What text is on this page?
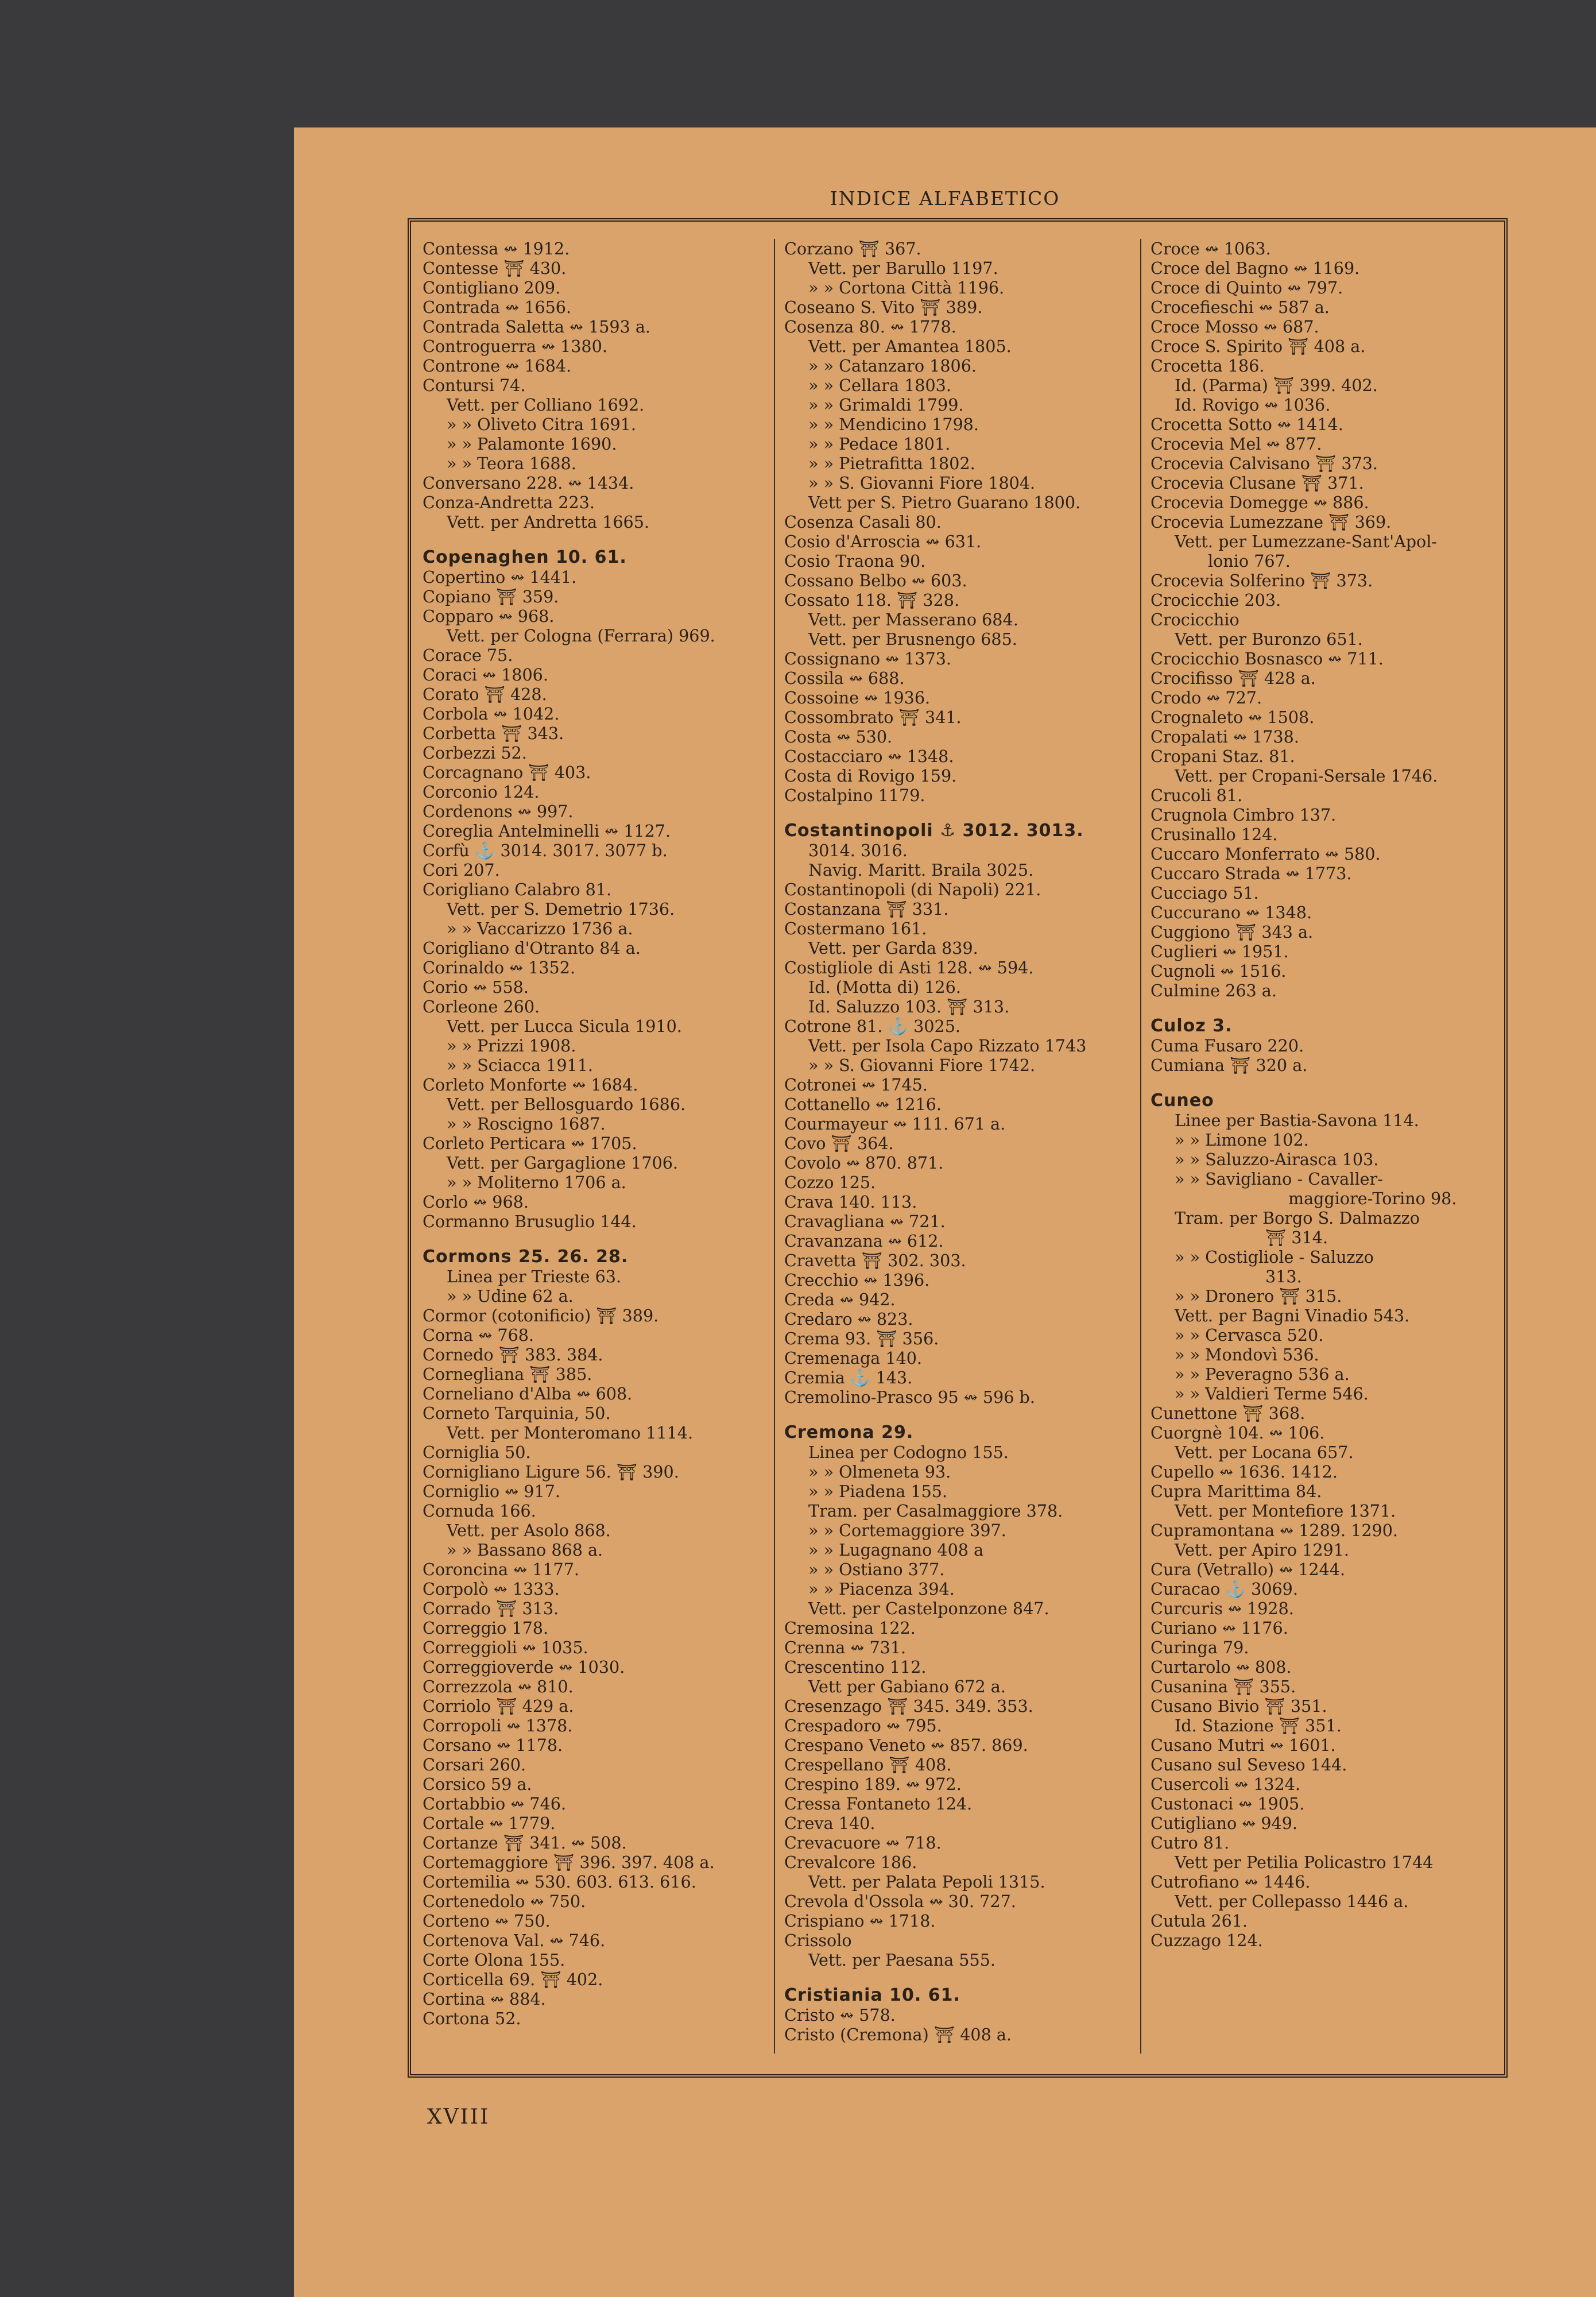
INDICE ALFABETICO
Contessa ↭ 1912.
Contesse ⛩ 430.
Contigliano 209.
Contrada ↭ 1656.
Contrada Saletta ↭ 1593 a.
Controguerra ↭ 1380.
Controne ↭ 1684.
Contursi 74.
Vett. per Colliano 1692.
» » Oliveto Citra 1691.
» » Palamonte 1690.
» » Teora 1688.
Conversano 228. ↭ 1434.
Conza-Andretta 223.
Vett. per Andretta 1665.
Copenaghen 10. 61.
Copertino ↭ 1441.
Copiano ⛩ 359.
Copparo ↭ 968.
Vett. per Cologna (Ferrara) 969.
Corace 75.
Coraci ↭ 1806.
Corato ⛩ 428.
Corbola ↭ 1042.
Corbetta ⛩ 343.
Corbezzi 52.
Corcagnano ⛩ 403.
Corconio 124.
Cordenons ↭ 997.
Coreglia Antelminelli ↭ 1127.
Corfù ⚓ 3014. 3017. 3077 b.
Cori 207.
Corigliano Calabro 81.
Vett. per S. Demetrio 1736.
» » Vaccarizzo 1736 a.
Corigliano d'Otranto 84 a.
Corinaldo ↭ 1352.
Corio ↭ 558.
Corleone 260.
Vett. per Lucca Sicula 1910.
» » Prizzi 1908.
» » Sciacca 1911.
Corleto Monforte ↭ 1684.
Vett. per Bellosguardo 1686.
» » Roscigno 1687.
Corleto Perticara ↭ 1705.
Vett. per Gargaglione 1706.
» » Moliterno 1706 a.
Corlo ↭ 968.
Cormanno Brusuglio 144.
Cormons 25. 26. 28.
Linea per Trieste 63.
» » Udine 62 a.
Cormor (cotonificio) ⛩ 389.
Corna ↭ 768.
Cornedo ⛩ 383. 384.
Cornegliana ⛩ 385.
Corneliano d'Alba ↭ 608.
Corneto Tarquinia, 50.
Vett. per Monteromano 1114.
Corniglia 50.
Cornigliano Ligure 56. ⛩ 390.
Corniglio ↭ 917.
Cornuda 166.
Vett. per Asolo 868.
» » Bassano 868 a.
Coroncina ↭ 1177.
Corpolò ↭ 1333.
Corrado ⛩ 313.
Correggio 178.
Correggioli ↭ 1035.
Correggioverde ↭ 1030.
Correzzola ↭ 810.
Corriolo ⛩ 429 a.
Corropoli ↭ 1378.
Corsano ↭ 1178.
Corsari 260.
Corsico 59 a.
Cortabbio ↭ 746.
Cortale ↭ 1779.
Cortanze ⛩ 341. ↭ 508.
Cortemaggiore ⛩ 396. 397. 408 a.
Cortemilia ↭ 530. 603. 613. 616.
Cortenedolo ↭ 750.
Corteno ↭ 750.
Cortenova Val. ↭ 746.
Corte Olona 155.
Corticella 69. ⛩ 402.
Cortina ↭ 884.
Cortona 52.
Corzano ⛩ 367.
Vett. per Barullo 1197.
» » Cortona Città 1196.
Coseano S. Vito ⛩ 389.
Cosenza 80. ↭ 1778.
Vett. per Amantea 1805.
» » Catanzaro 1806.
» » Cellara 1803.
» » Grimaldi 1799.
» » Mendicino 1798.
» » Pedace 1801.
» » Pietrafitta 1802.
» » S. Giovanni Fiore 1804.
Vett per S. Pietro Guarano 1800.
Cosenza Casali 80.
Cosio d'Arroscia ↭ 631.
Cosio Traona 90.
Cossano Belbo ↭ 603.
Cossato 118. ⛩ 328.
Vett. per Masserano 684.
Vett. per Brusnengo 685.
Cossignano ↭ 1373.
Cossila ↭ 688.
Cossoine ↭ 1936.
Cossombrato ⛩ 341.
Costa ↭ 530.
Costacciaro ↭ 1348.
Costa di Rovigo 159.
Costalpino 1179.
Costantinopoli ⚓ 3012. 3013.
3014. 3016.
Navig. Maritt. Braila 3025.
Costantinopoli (di Napoli) 221.
Costanzana ⛩ 331.
Costermano 161.
Vett. per Garda 839.
Costigliole di Asti 128. ↭ 594.
Id. (Motta di) 126.
Id. Saluzzo 103. ⛩ 313.
Cotrone 81. ⚓ 3025.
Vett. per Isola Capo Rizzato 1743
» » S. Giovanni Fiore 1742.
Cotronei ↭ 1745.
Cottanello ↭ 1216.
Courmayeur ↭ 111. 671 a.
Covo ⛩ 364.
Covolo ↭ 870. 871.
Cozzo 125.
Crava 140. 113.
Cravagliana ↭ 721.
Cravanzana ↭ 612.
Cravetta ⛩ 302. 303.
Crecchio ↭ 1396.
Creda ↭ 942.
Credaro ↭ 823.
Crema 93. ⛩ 356.
Cremenaga 140.
Cremia ⚓ 143.
Cremolino-Prasco 95 ↭ 596 b.
Cremona 29.
Linea per Codogno 155.
» » Olmeneta 93.
» » Piadena 155.
Tram. per Casalmaggiore 378.
» » Cortemaggiore 397.
» » Lugagnano 408 a
» » Ostiano 377.
» » Piacenza 394.
Vett. per Castelponzone 847.
Cremosina 122.
Crenna ↭ 731.
Crescentino 112.
Vett per Gabiano 672 a.
Cresenzago ⛩ 345. 349. 353.
Crespadoro ↭ 795.
Crespano Veneto ↭ 857. 869.
Crespellano ⛩ 408.
Crespino 189. ↭ 972.
Cressa Fontaneto 124.
Creva 140.
Crevacuore ↭ 718.
Crevalcore 186.
Vett. per Palata Pepoli 1315.
Crevola d'Ossola ↭ 30. 727.
Crispiano ↭ 1718.
Crissolo
Vett. per Paesana 555.
Cristiania 10. 61.
Cristo ↭ 578.
Cristo (Cremona) ⛩ 408 a.
Croce ↭ 1063.
Croce del Bagno ↭ 1169.
Croce di Quinto ↭ 797.
Croceﬁeschi ↭ 587 a.
Croce Mosso ↭ 687.
Croce S. Spirito ⛩ 408 a.
Crocetta 186.
Id. (Parma) ⛩ 399. 402.
Id. Rovigo ↭ 1036.
Crocetta Sotto ↭ 1414.
Crocevia Mel ↭ 877.
Crocevia Calvisano ⛩ 373.
Crocevia Clusane ⛩ 371.
Crocevia Domegge ↭ 886.
Crocevia Lumezzane ⛩ 369.
Vett. per Lumezzane-Sant'Apol-
lonio 767.
Crocevia Solferino ⛩ 373.
Crocicchie 203.
Crocicchio
Vett. per Buronzo 651.
Crocicchio Bosnasco ↭ 711.
Crociﬁsso ⛩ 428 a.
Crodo ↭ 727.
Crognaleto ↭ 1508.
Cropalati ↭ 1738.
Cropani Staz. 81.
Vett. per Cropani-Sersale 1746.
Crucoli 81.
Crugnola Cimbro 137.
Crusinallo 124.
Cuccaro Monferrato ↭ 580.
Cuccaro Strada ↭ 1773.
Cucciago 51.
Cuccurano ↭ 1348.
Cuggiono ⛩ 343 a.
Cuglieri ↭ 1951.
Cugnoli ↭ 1516.
Culmine 263 a.
Culoz 3.
Cuma Fusaro 220.
Cumiana ⛩ 320 a.
Cuneo
Linee per Bastia-Savona 114.
» » Limone 102.
» » Saluzzo-Airasca 103.
» » Savigliano - Cavaller-
maggiore-Torino 98.
Tram. per Borgo S. Dalmazzo
⛩ 314.
» » Costigliole - Saluzzo
313.
» » Dronero ⛩ 315.
Vett. per Bagni Vinadio 543.
» » Cervasca 520.
» » Mondovì 536.
» » Peveragno 536 a.
» » Valdieri Terme 546.
Cunettone ⛩ 368.
Cuorgnè 104. ↭ 106.
Vett. per Locana 657.
Cupello ↭ 1636. 1412.
Cupra Marittima 84.
Vett. per Monteﬁore 1371.
Cupramontana ↭ 1289. 1290.
Vett. per Apiro 1291.
Cura (Vetrallo) ↭ 1244.
Curacao ⚓ 3069.
Curcuris ↭ 1928.
Curiano ↭ 1176.
Curinga 79.
Curtarolo ↭ 808.
Cusanina ⛩ 355.
Cusano Bivio ⛩ 351.
Id. Stazione ⛩ 351.
Cusano Mutri ↭ 1601.
Cusano sul Seveso 144.
Cusercoli ↭ 1324.
Custonaci ↭ 1905.
Cutigliano ↭ 949.
Cutro 81.
Vett per Petilia Policastro 1744
Cutroﬁano ↭ 1446.
Vett. per Collepasso 1446 a.
Cutula 261.
Cuzzago 124.
XVIII
